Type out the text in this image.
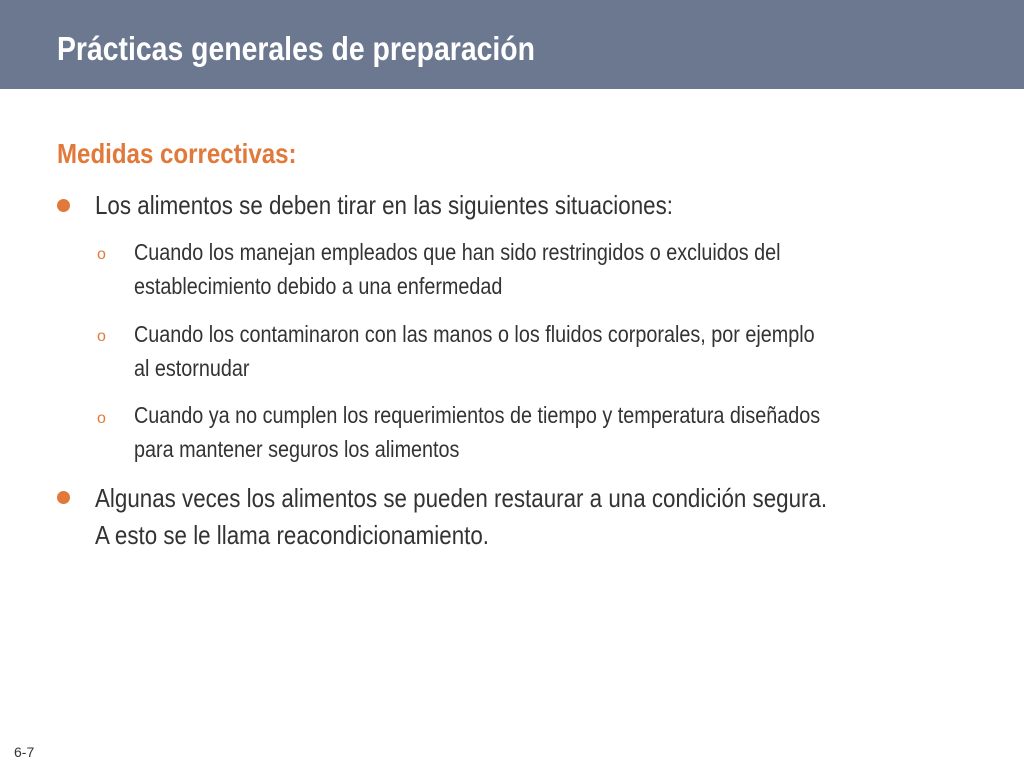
Prácticas generales de preparación
Medidas correctivas:
Los alimentos se deben tirar en las siguientes situaciones:
o Cuando los manejan empleados que han sido restringidos o excluidos del
establecimiento debido a una enfermedad
o Cuando los contaminaron con las manos o los fluidos corporales, por ejemplo
al estornudar
o Cuando ya no cumplen los requerimientos de tiempo y temperatura diseñados
para mantener seguros los alimentos
Algunas veces los alimentos se pueden restaurar a una condición segura.
A esto se le llama reacondicionamiento.
6-7
